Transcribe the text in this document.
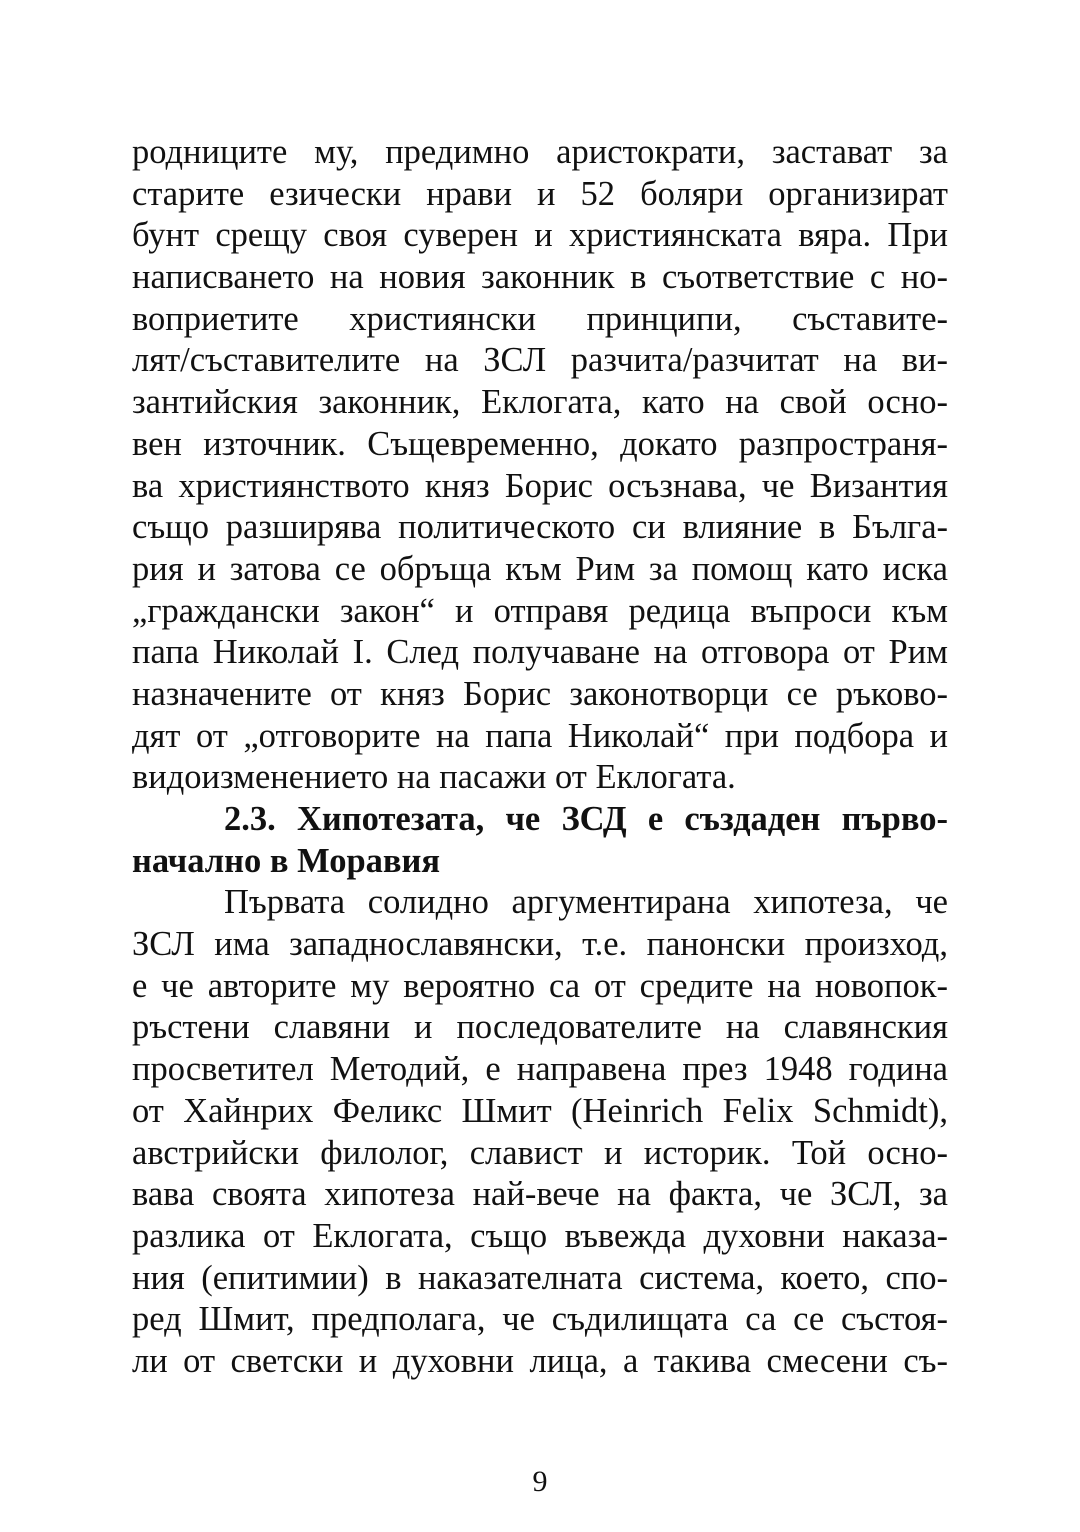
родниците му, предимно аристократи, застават за
старите езически нрави и 52 боляри организират
бунт срещу своя суверен и християнската вяра. При
написването на новия законник в съответствие с но-
воприетите християнски принципи, съставите-
лят/съставителите на ЗСЛ разчита/разчитат на ви-
зантийския законник, Еклогата, като на свой осно-
вен източник. Същевременно, докато разпространя-
ва християнството княз Борис осъзнава, че Византия
също разширява политическото си влияние в Бълга-
рия и затова се обръща към Рим за помощ като иска
„граждански закон“ и отправя редица въпроси към
папа Николай I. След получаване на отговора от Рим
назначените от княз Борис законотворци се ръково-
дят от „отговорите на папа Николай“ при подбора и
видоизменението на пасажи от Еклогата.
2.3. Хипотезата, че ЗСД е създаден първо-
начално в Моравия
Първата солидно аргументирана хипотеза, че
ЗСЛ има западнославянски, т.е. панонски произход,
е че авторите му вероятно са от средите на новопок-
ръстени славяни и последователите на славянския
просветител Методий, е направена през 1948 година
от Хайнрих Феликс Шмит (Heinrich Felix Schmidt),
австрийски филолог, славист и историк. Той осно-
вава своята хипотеза най-вече на факта, че ЗСЛ, за
разлика от Еклогата, също въвежда духовни наказа-
ния (епитимии) в наказателната система, което, спо-
ред Шмит, предполага, че съдилищата са се състоя-
ли от светски и духовни лица, а такива смесени съ-
9
